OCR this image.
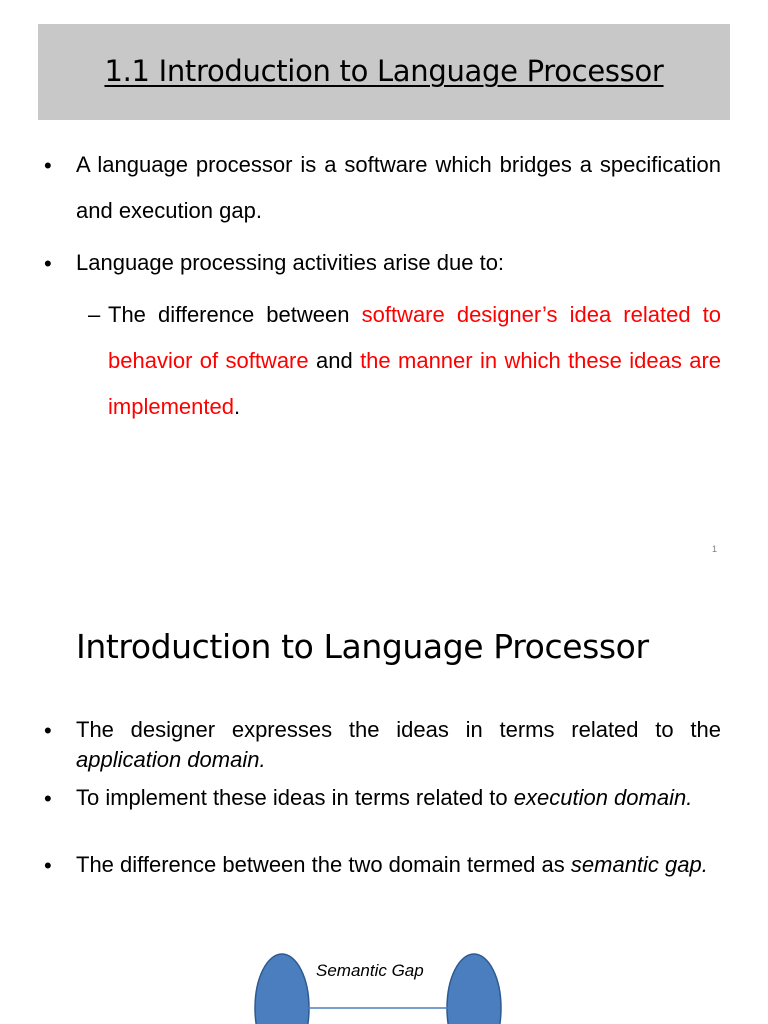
1.1 Introduction to Language Processor
• A language processor is a software which bridges a specification and execution gap.
• Language processing activities arise due to:
– The difference between software designer’s idea related to behavior of software and the manner in which these ideas are implemented.
1
Introduction to Language Processor
• The designer expresses the ideas in terms related to the application domain.
• To implement these ideas in terms related to execution domain.
• The difference between the two domain termed as semantic gap.
Semantic Gap
